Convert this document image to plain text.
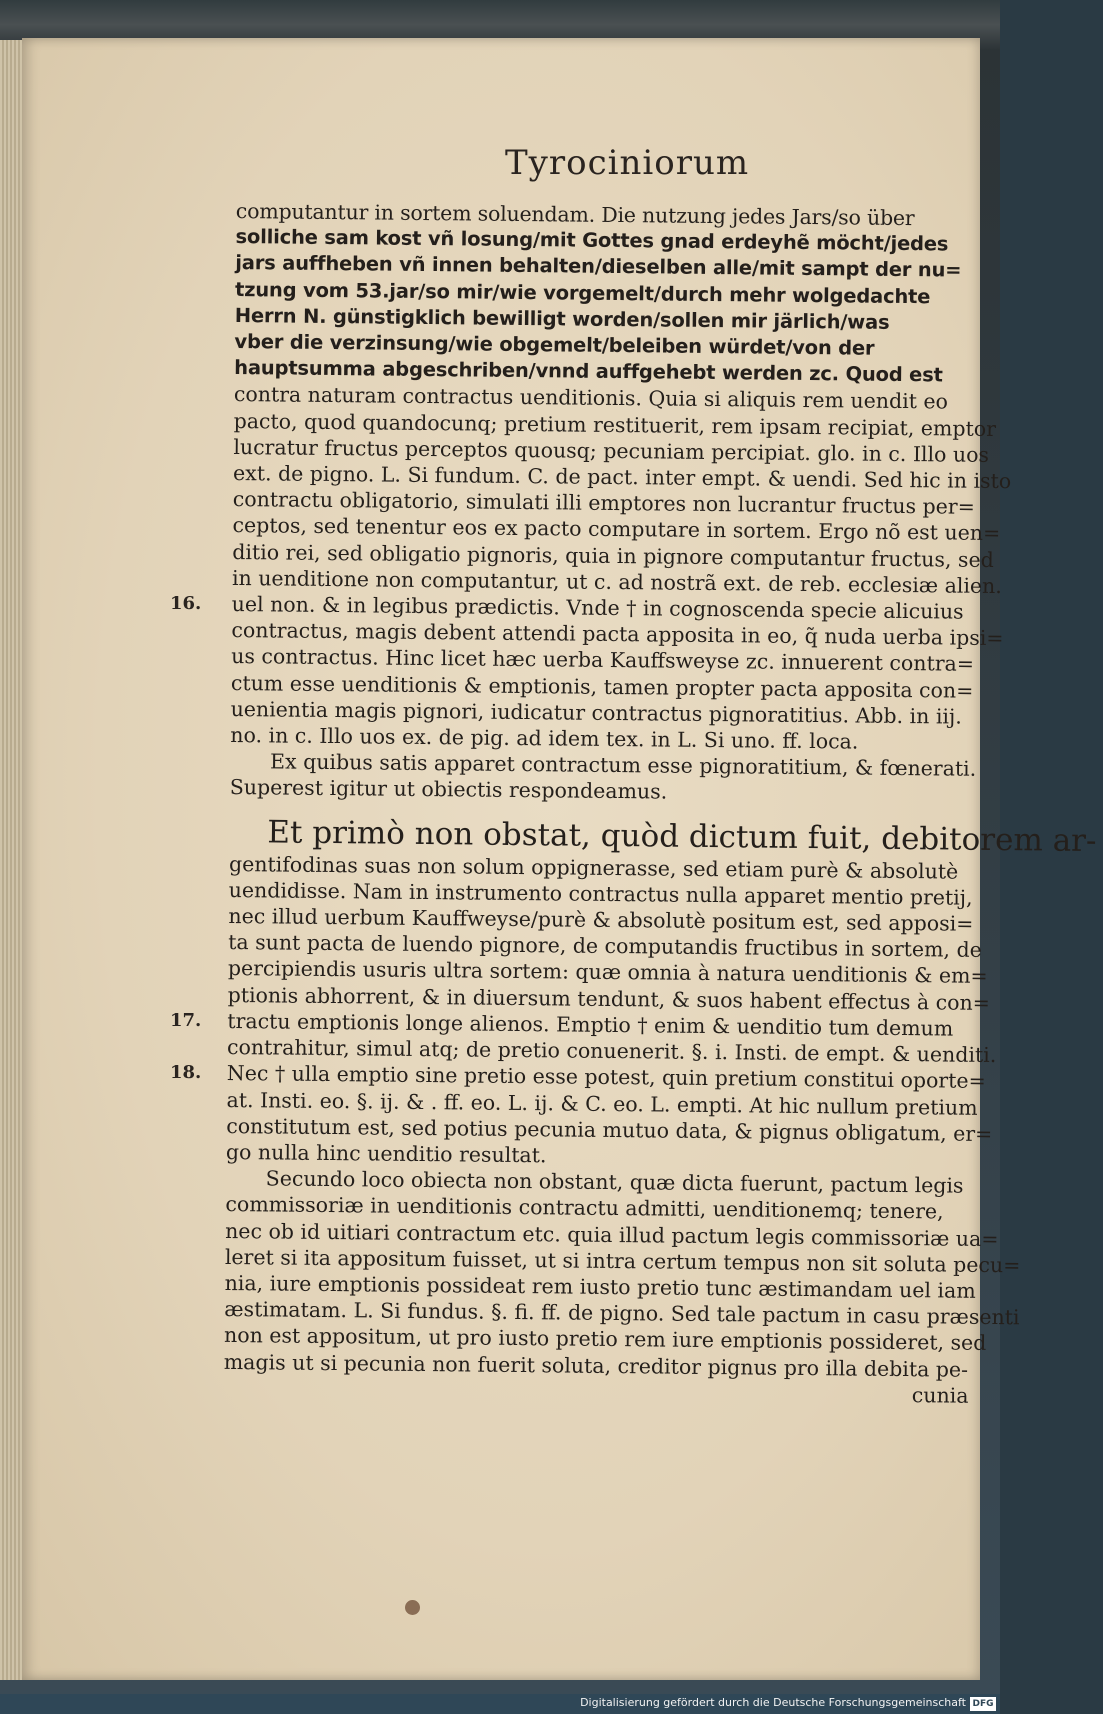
Tyrociniorum
computantur in sortem soluendam. Die nutzung jedes Jars/so über
solliche sam kost vñ losung/mit Gottes gnad erdeyhẽ möcht/jedes
jars auffheben vñ innen behalten/dieselben alle/mit sampt der nu=
tzung vom 53.jar/so mir/wie vorgemelt/durch mehr wolgedachte
Herrn N. günstigklich bewilligt worden/sollen mir järlich/was
vber die verzinsung/wie obgemelt/beleiben würdet/von der
hauptsumma abgeschriben/vnnd auffgehebt werden zc. Quod est
contra naturam contractus uenditionis. Quia si aliquis rem uendit eo
pacto, quod quandocunq; pretium restituerit, rem ipsam recipiat, emptor
lucratur fructus perceptos quousq; pecuniam percipiat. glo. in c. Illo uos
ext. de pigno. L. Si fundum. C. de pact. inter empt. & uendi. Sed hic in isto
contractu obligatorio, simulati illi emptores non lucrantur fructus per=
ceptos, sed tenentur eos ex pacto computare in sortem. Ergo nõ est uen=
ditio rei, sed obligatio pignoris, quia in pignore computantur fructus, sed
in uenditione non computantur, ut c. ad nostrã ext. de reb. ecclesiæ alien.
uel non. & in legibus prædictis. Vnde † in cognoscenda specie alicuius
contractus, magis debent attendi pacta apposita in eo, q̃ nuda uerba ipsi=
us contractus. Hinc licet hæc uerba Kauffsweyse zc. innuerent contra=
ctum esse uenditionis & emptionis, tamen propter pacta apposita con=
uenientia magis pignori, iudicatur contractus pignoratitius. Abb. in iij.
no. in c. Illo uos ex. de pig. ad idem tex. in L. Si uno. ff. loca.
Ex quibus satis apparet contractum esse pignoratitium, & fœnerati.
Superest igitur ut obiectis respondeamus.
Et primò non obstat, quòd dictum fuit, debitorem ar-
gentifodinas suas non solum oppignerasse, sed etiam purè & absolutè
uendidisse. Nam in instrumento contractus nulla apparet mentio pretij,
nec illud uerbum Kauffweyse/purè & absolutè positum est, sed apposi=
ta sunt pacta de luendo pignore, de computandis fructibus in sortem, de
percipiendis usuris ultra sortem: quæ omnia à natura uenditionis & em=
ptionis abhorrent, & in diuersum tendunt, & suos habent effectus à con=
tractu emptionis longe alienos. Emptio † enim & uenditio tum demum
contrahitur, simul atq; de pretio conuenerit. §. i. Insti. de empt. & uenditi.
Nec † ulla emptio sine pretio esse potest, quin pretium constitui oporte=
at. Insti. eo. §. ij. & . ff. eo. L. ij. & C. eo. L. empti. At hic nullum pretium
constitutum est, sed potius pecunia mutuo data, & pignus obligatum, er=
go nulla hinc uenditio resultat.
Secundo loco obiecta non obstant, quæ dicta fuerunt, pactum legis
commissoriæ in uenditionis contractu admitti, uenditionemq; tenere,
nec ob id uitiari contractum etc. quia illud pactum legis commissoriæ ua=
leret si ita appositum fuisset, ut si intra certum tempus non sit soluta pecu=
nia, iure emptionis possideat rem iusto pretio tunc æstimandam uel iam
æstimatam. L. Si fundus. §. fi. ff. de pigno. Sed tale pactum in casu præsenti
non est appositum, ut pro iusto pretio rem iure emptionis possideret, sed
magis ut si pecunia non fuerit soluta, creditor pignus pro illa debita pe-
cunia
Digitalisierung gefördert durch die Deutsche Forschungsgemeinschaft DFG
16.
17.
18.
